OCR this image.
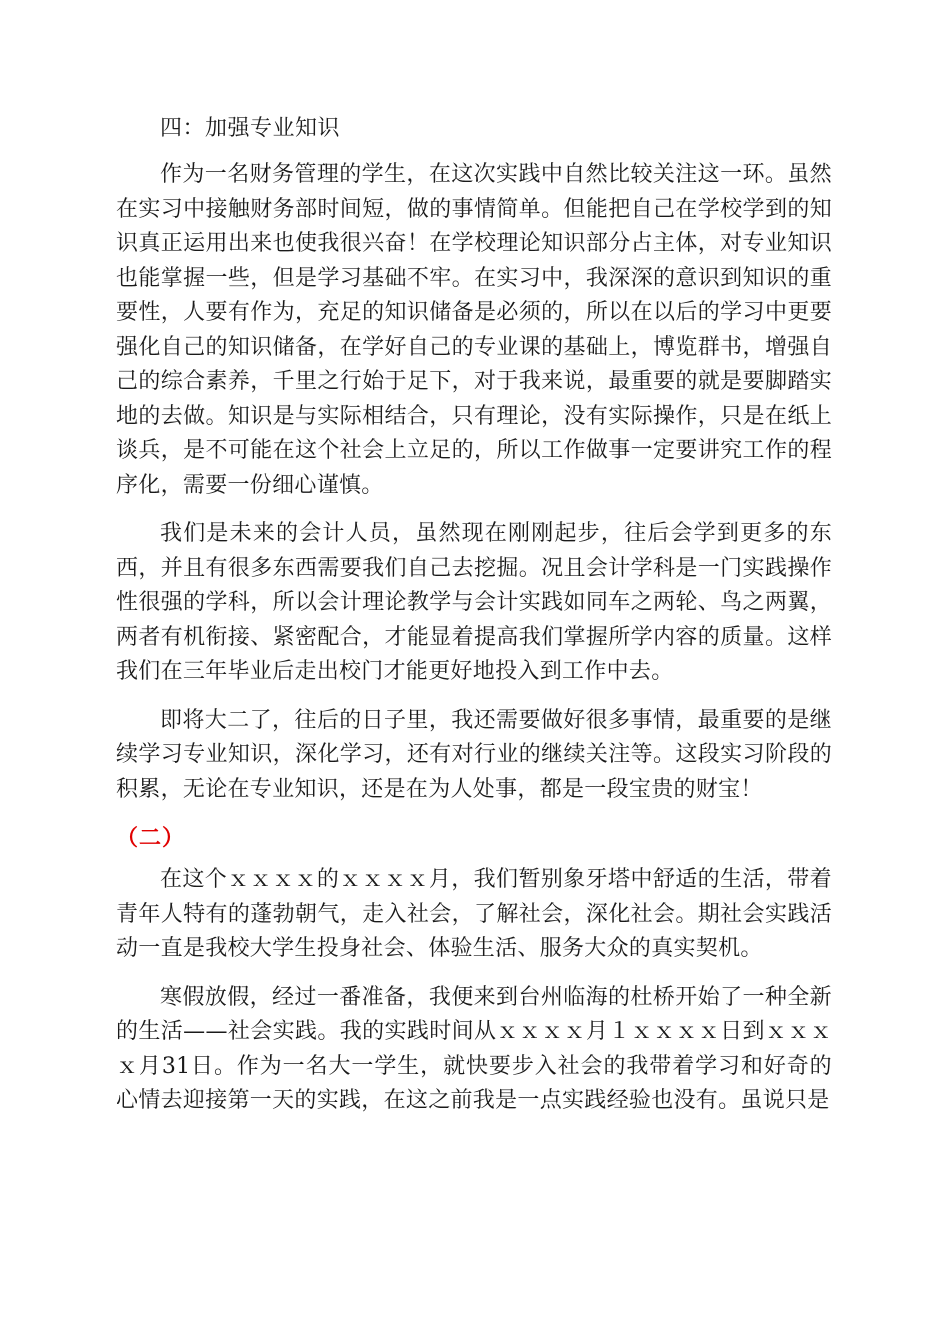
四：加强专业知识

作为一名财务管理的学生，在这次实践中自然比较关注这一环。虽然在实习中接触财务部时间短，做的事情简单。但能把自己在学校学到的知识真正运用出来也使我很兴奋！在学校理论知识部分占主体，对专业知识也能掌握一些，但是学习基础不牢。在实习中，我深深的意识到知识的重要性，人要有作为，充足的知识储备是必须的，所以在以后的学习中更要强化自己的知识储备，在学好自己的专业课的基础上，博览群书，增强自己的综合素养，千里之行始于足下，对于我来说，最重要的就是要脚踏实地的去做。知识是与实际相结合，只有理论，没有实际操作，只是在纸上谈兵，是不可能在这个社会上立足的，所以工作做事一定要讲究工作的程序化，需要一份细心谨慎。

我们是未来的会计人员，虽然现在刚刚起步，往后会学到更多的东西，并且有很多东西需要我们自己去挖掘。况且会计学科是一门实践操作性很强的学科，所以会计理论教学与会计实践如同车之两轮、鸟之两翼，两者有机衔接、紧密配合，才能显着提高我们掌握所学内容的质量。这样我们在三年毕业后走出校门才能更好地投入到工作中去。

即将大二了，往后的日子里，我还需要做好很多事情，最重要的是继续学习专业知识，深化学习，还有对行业的继续关注等。这段实习阶段的积累，无论在专业知识，还是在为人处事，都是一段宝贵的财宝！

（二）

在这个ｘｘｘｘ的ｘｘｘｘ月，我们暂别象牙塔中舒适的生活，带着青年人特有的蓬勃朝气，走入社会，了解社会，深化社会。期社会实践活动一直是我校大学生投身社会、体验生活、服务大众的真实契机。

寒假放假，经过一番准备，我便来到台州临海的杜桥开始了一种全新的生活——社会实践。我的实践时间从ｘｘｘｘ月１ｘｘｘｘ日到ｘｘｘｘ月31日。作为一名大一学生，就快要步入社会的我带着学习和好奇的心情去迎接第一天的实践，在这之前我是一点实践经验也没有。虽说只是
